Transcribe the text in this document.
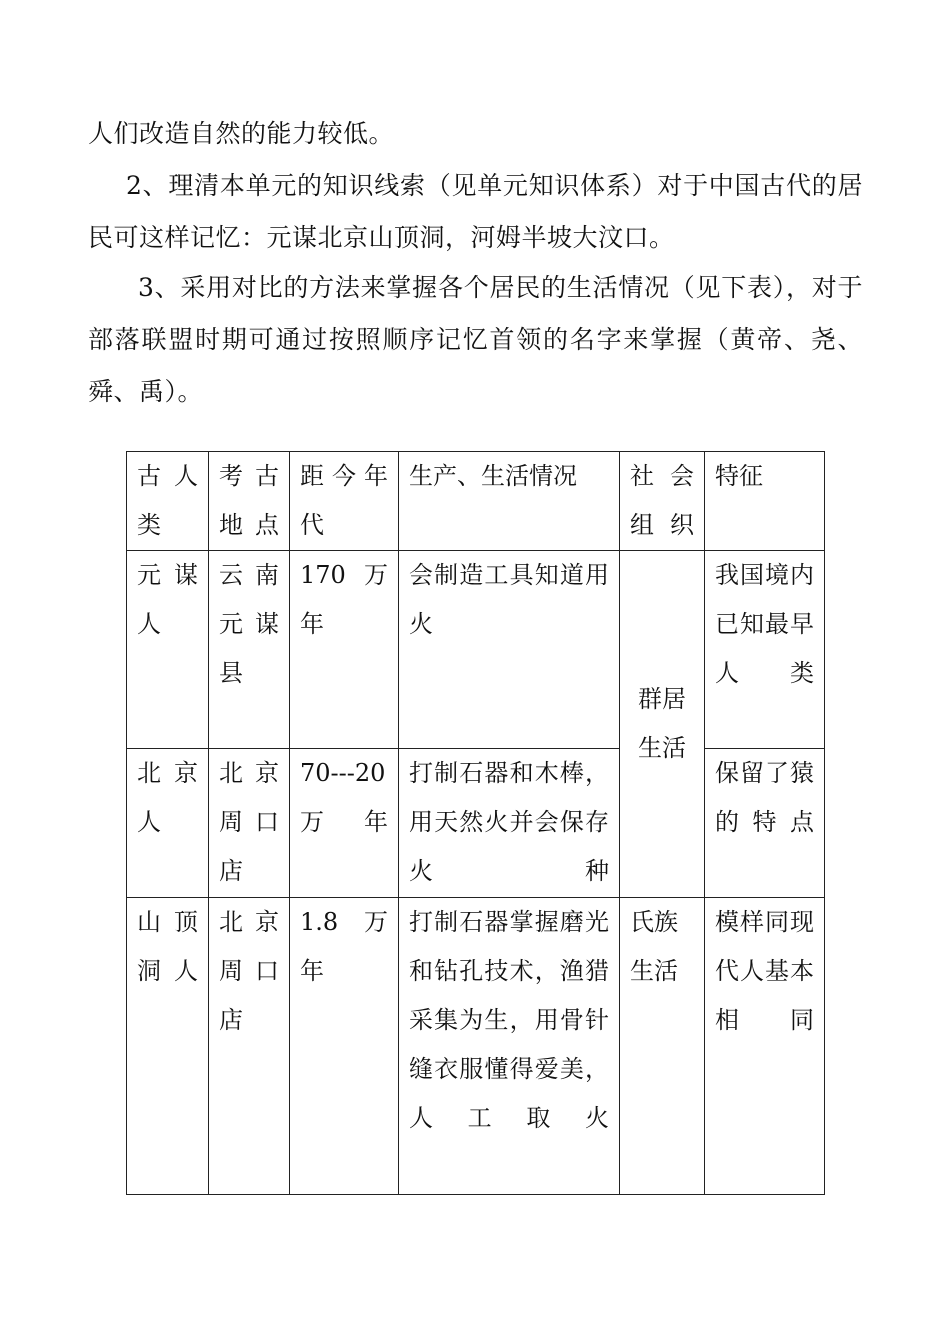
人们改造自然的能力较低。

2、理清本单元的知识线索（见单元知识体系）对于中国古代的居民可这样记忆：元谋北京山顶洞，河姆半坡大汶口。

3、采用对比的方法来掌握各个居民的生活情况（见下表），对于部落联盟时期可通过按照顺序记忆首领的名字来掌握（黄帝、尧、舜、禹）。

古人类	考古地点	距今年代	生产、生活情况	社会组织	特征
元谋人	云南元谋县	170 万年	会制造工具知道用火	群居生活	我国境内已知最早人类
北京人	北京周口店	70---20 万年	打制石器和木棒，用天然火并会保存火种		保留了猿的特点
山顶洞人	北京周口店	1.8 万年	打制石器掌握磨光和钻孔技术，渔猎采集为生，用骨针缝衣服懂得爱美，人工取火	氏族生活	模样同现代人基本相同
